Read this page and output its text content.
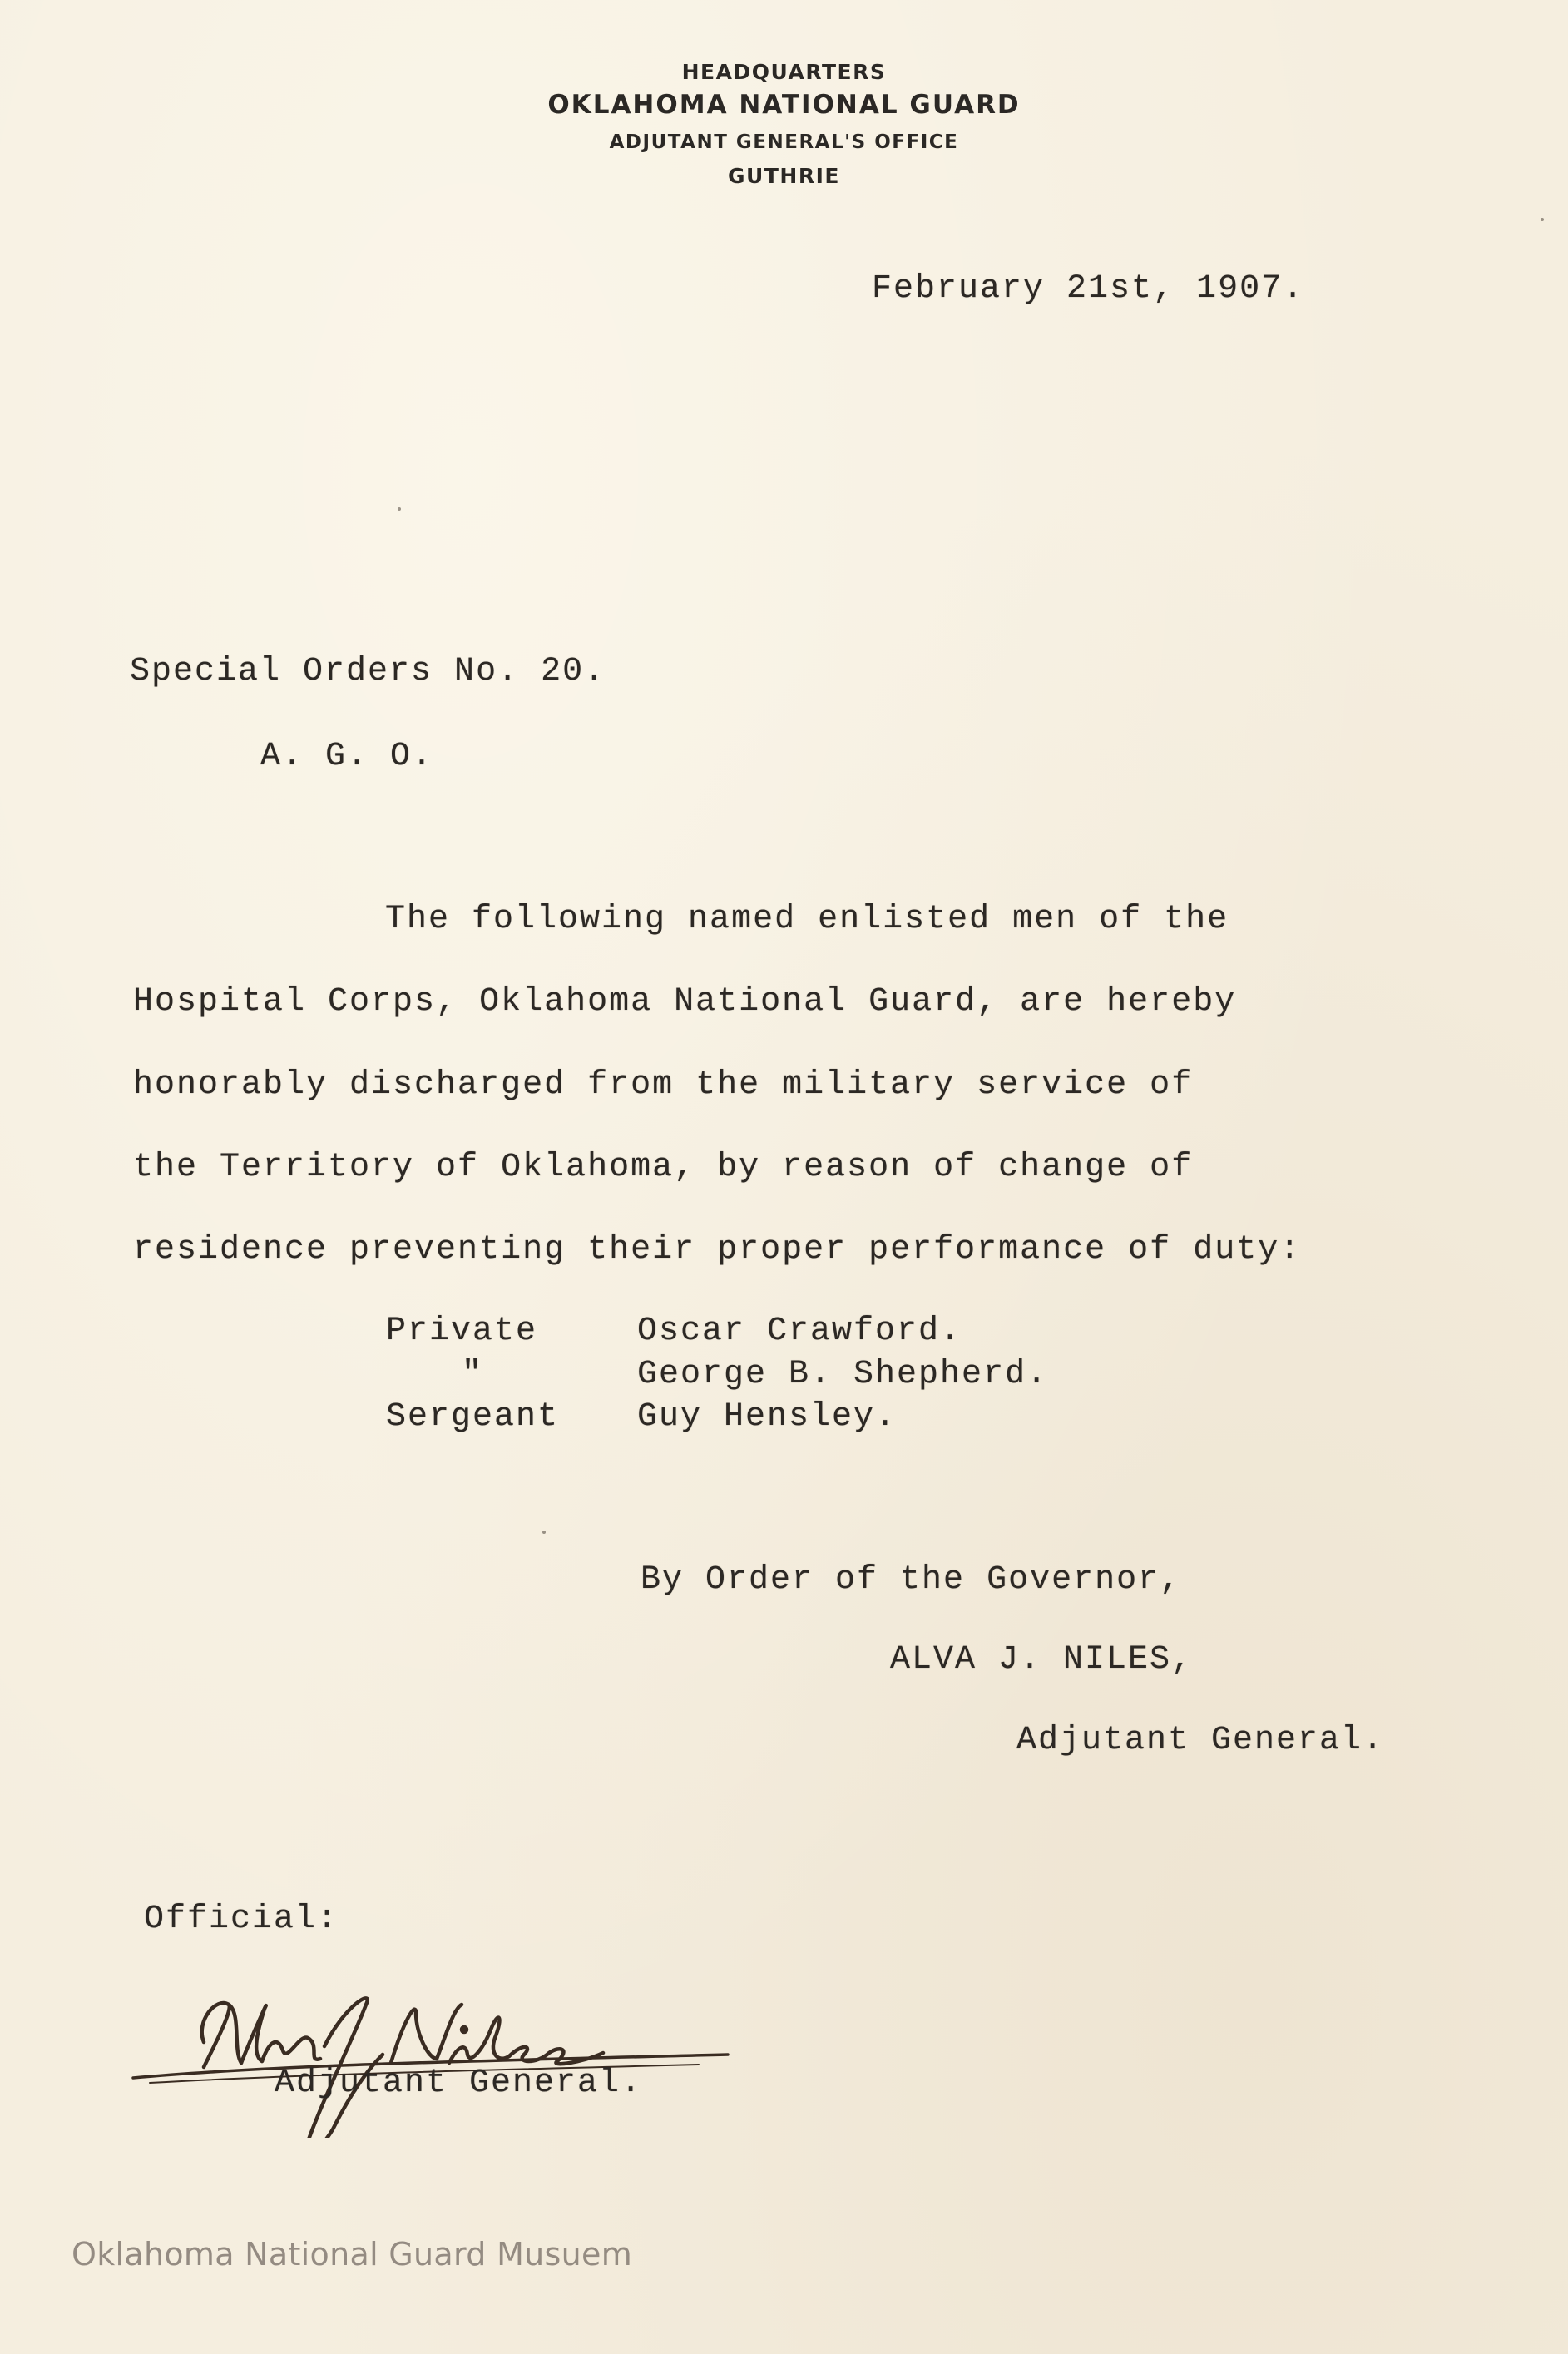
HEADQUARTERS
OKLAHOMA NATIONAL GUARD
ADJUTANT GENERAL'S OFFICE
GUTHRIE
February 21st, 1907.
Special Orders No. 20.
A. G. O.
The following named enlisted men of the
Hospital Corps, Oklahoma National Guard, are hereby
honorably discharged from the military service of
the Territory of Oklahoma, by reason of change of
residence preventing their proper performance of duty:
Private	Oscar Crawford.
"	George B. Shepherd.
Sergeant Guy Hensley.
By Order of the Governor,
ALVA J. NILES,
Adjutant General.
Official:
Adjutant General.
Oklahoma National Guard Musuem
